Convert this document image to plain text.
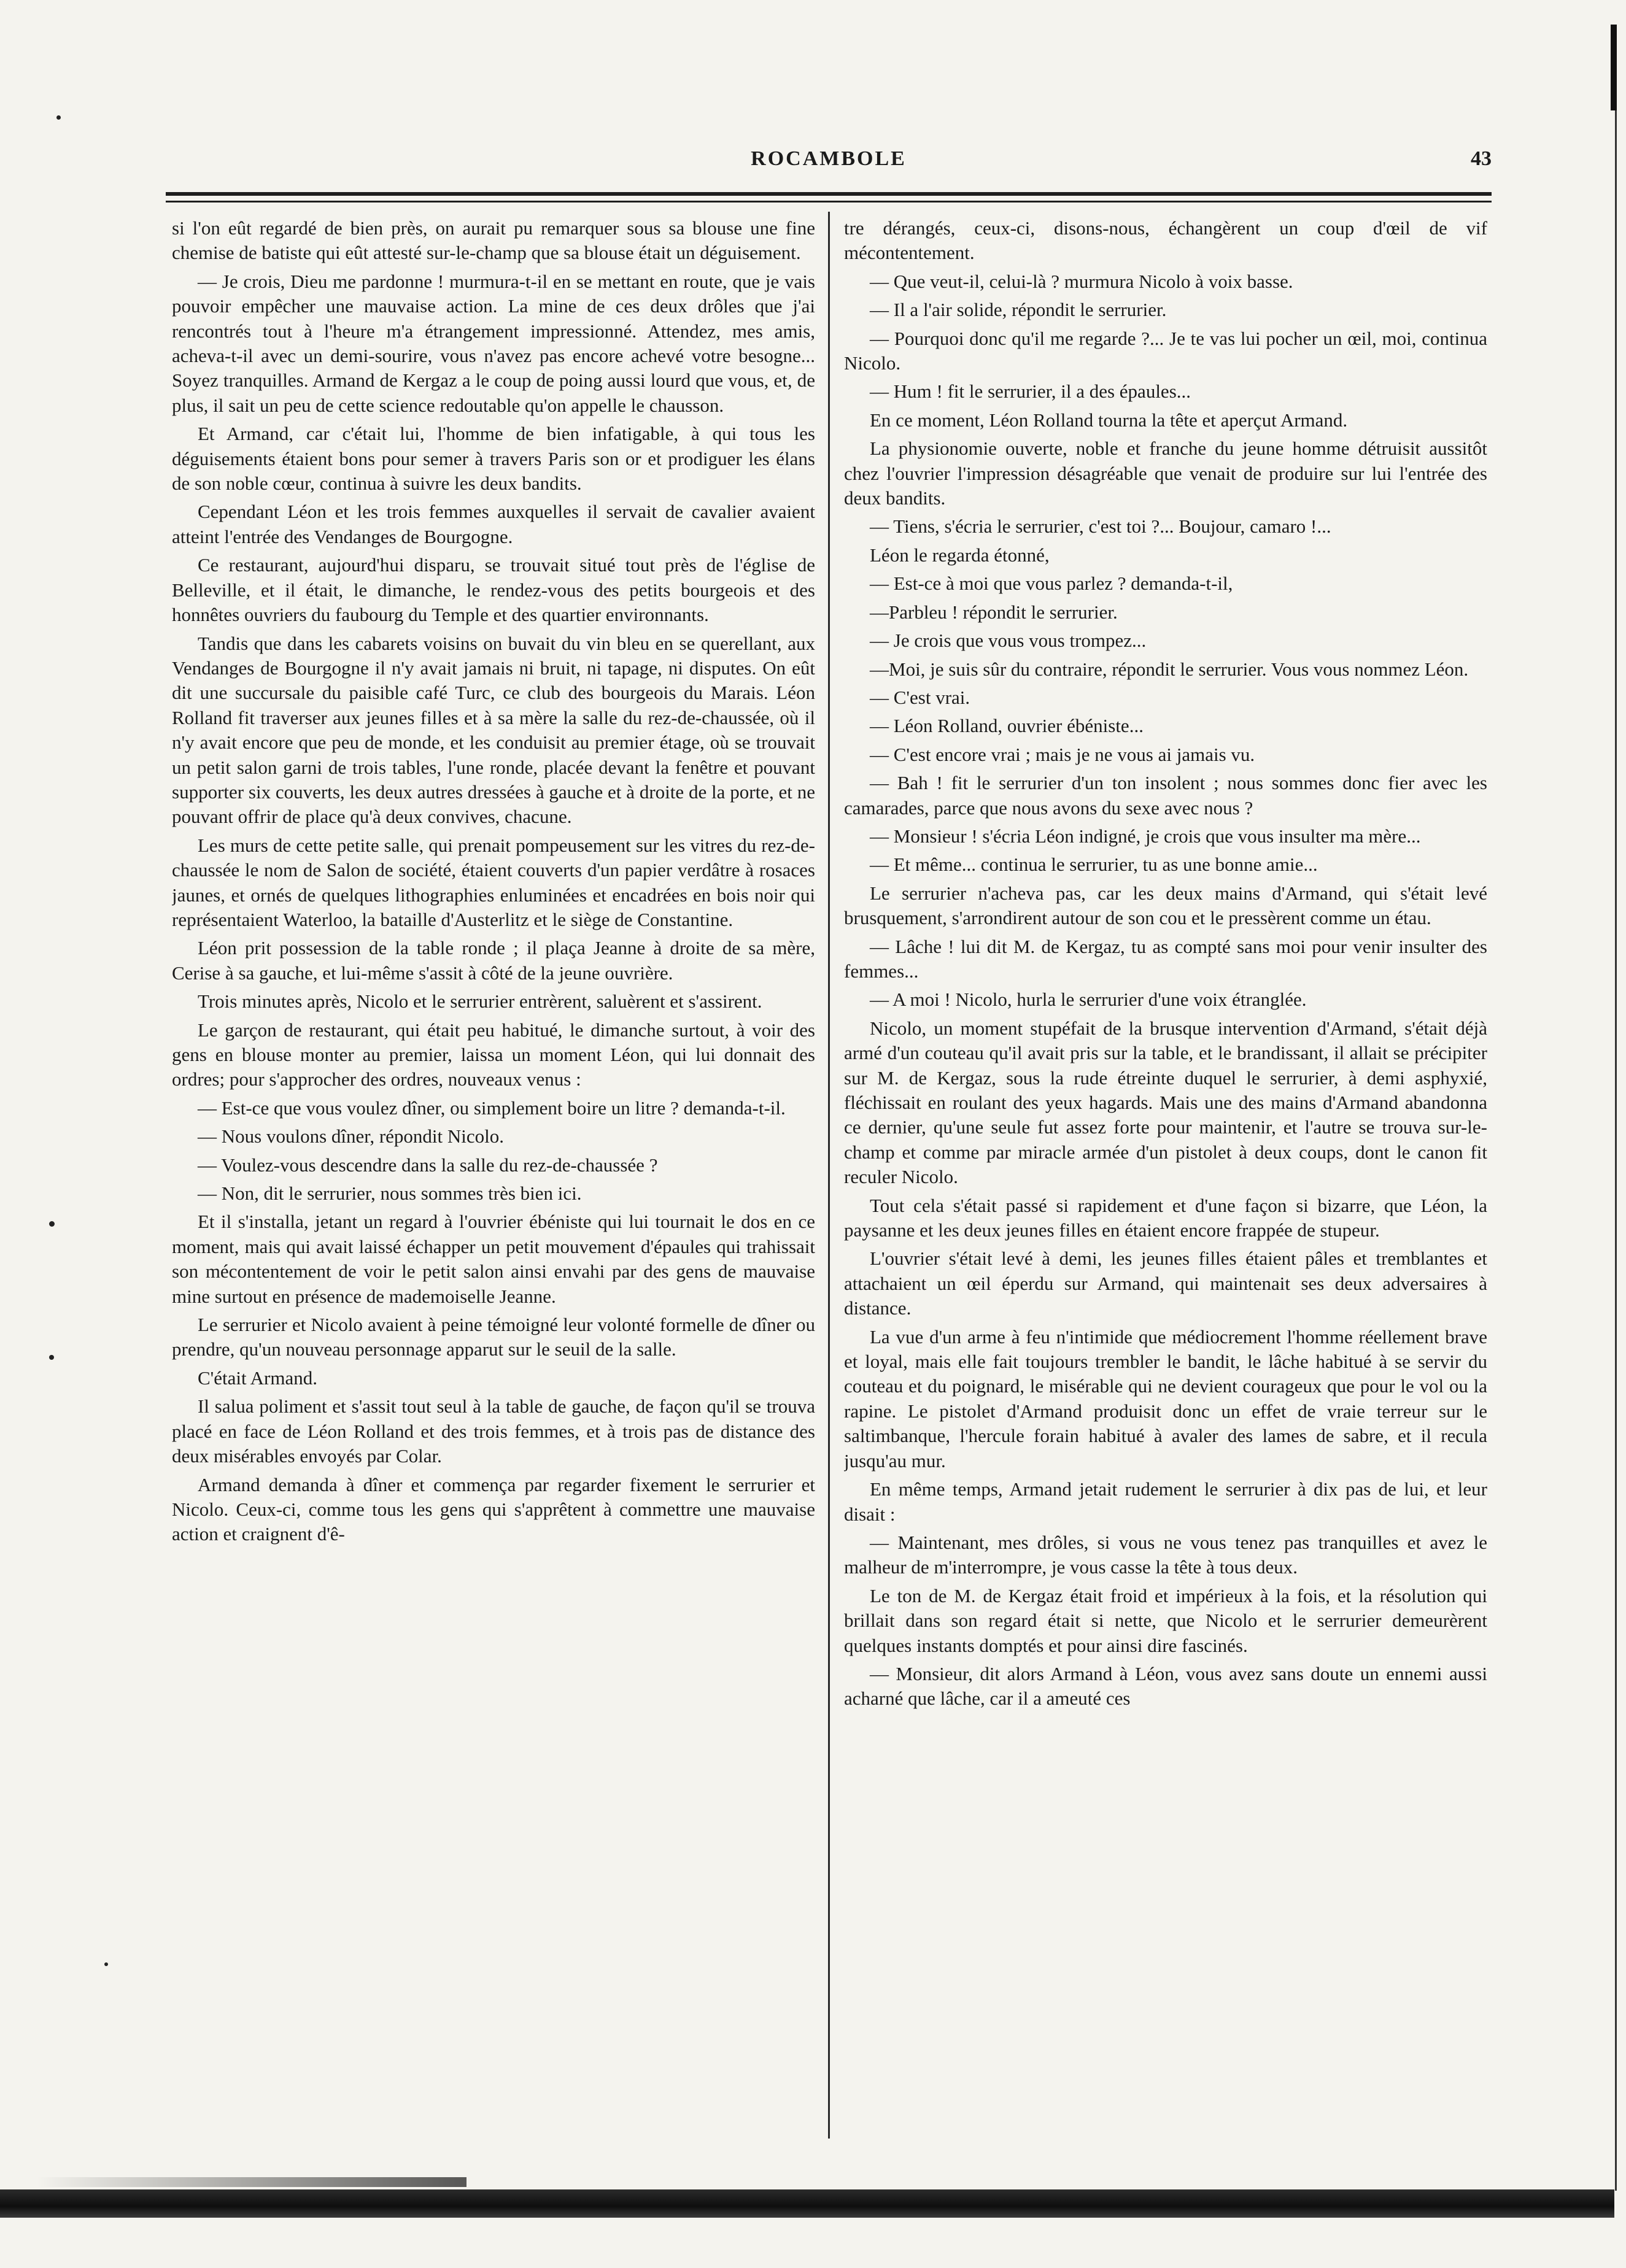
ROCAMBOLE	43

si l'on eût regardé de bien près, on aurait pu remarquer sous sa blouse une fine chemise de batiste qui eût attesté sur-le-champ que sa blouse était un déguisement.

— Je crois, Dieu me pardonne ! murmura-t-il en se mettant en route, que je vais pouvoir empêcher une mauvaise action. La mine de ces deux drôles que j'ai rencontrés tout à l'heure m'a étrangement impressionné. Attendez, mes amis, acheva-t-il avec un demi-sourire, vous n'avez pas encore achevé votre besogne... Soyez tranquilles. Armand de Kergaz a le coup de poing aussi lourd que vous, et, de plus, il sait un peu de cette science redoutable qu'on appelle le chausson.

Et Armand, car c'était lui, l'homme de bien infatigable, à qui tous les déguisements étaient bons pour semer à travers Paris son or et prodiguer les élans de son noble cœur, continua à suivre les deux bandits.

Cependant Léon et les trois femmes auxquelles il servait de cavalier avaient atteint l'entrée des Vendanges de Bourgogne.

Ce restaurant, aujourd'hui disparu, se trouvait situé tout près de l'église de Belleville, et il était, le dimanche, le rendez-vous des petits bourgeois et des honnêtes ouvriers du faubourg du Temple et des quartier environnants.

Tandis que dans les cabarets voisins on buvait du vin bleu en se querellant, aux Vendanges de Bourgogne il n'y avait jamais ni bruit, ni tapage, ni disputes. On eût dit une succursale du paisible café Turc, ce club des bourgeois du Marais. Léon Rolland fit traverser aux jeunes filles et à sa mère la salle du rez-de-chaussée, où il n'y avait encore que peu de monde, et les conduisit au premier étage, où se trouvait un petit salon garni de trois tables, l'une ronde, placée devant la fenêtre et pouvant supporter six couverts, les deux autres dressées à gauche et à droite de la porte, et ne pouvant offrir de place qu'à deux convives, chacune.

Les murs de cette petite salle, qui prenait pompeusement sur les vitres du rez-de-chaussée le nom de Salon de société, étaient couverts d'un papier verdâtre à rosaces jaunes, et ornés de quelques lithographies enluminées et encadrées en bois noir qui représentaient Waterloo, la bataille d'Austerlitz et le siège de Constantine.

Léon prit possession de la table ronde ; il plaça Jeanne à droite de sa mère, Cerise à sa gauche, et lui-même s'assit à côté de la jeune ouvrière.

Trois minutes après, Nicolo et le serrurier entrèrent, saluèrent et s'assirent.

Le garçon de restaurant, qui était peu habitué, le dimanche surtout, à voir des gens en blouse monter au premier, laissa un moment Léon, qui lui donnait des ordres; pour s'approcher des ordres, nouveaux venus :

— Est-ce que vous voulez dîner, ou simplement boire un litre ? demanda-t-il.

— Nous voulons dîner, répondit Nicolo.

— Voulez-vous descendre dans la salle du rez-de-chaussée ?

— Non, dit le serrurier, nous sommes très bien ici.

Et il s'installa, jetant un regard à l'ouvrier ébéniste qui lui tournait le dos en ce moment, mais qui avait laissé échapper un petit mouvement d'épaules qui trahissait son mécontentement de voir le petit salon ainsi envahi par des gens de mauvaise mine surtout en présence de mademoiselle Jeanne.

Le serrurier et Nicolo avaient à peine témoigné leur volonté formelle de dîner ou prendre, qu'un nouveau personnage apparut sur le seuil de la salle.

C'était Armand.

Il salua poliment et s'assit tout seul à la table de gauche, de façon qu'il se trouva placé en face de Léon Rolland et des trois femmes, et à trois pas de distance des deux misérables envoyés par Colar.

Armand demanda à dîner et commença par regarder fixement le serrurier et Nicolo. Ceux-ci, comme tous les gens qui s'apprêtent à commettre une mauvaise action et craignent d'ê-

tre dérangés, ceux-ci, disons-nous, échangèrent un coup d'œil de vif mécontentement.

— Que veut-il, celui-là ? murmura Nicolo à voix basse.

— Il a l'air solide, répondit le serrurier.

— Pourquoi donc qu'il me regarde ?... Je te vas lui pocher un œil, moi, continua Nicolo.

— Hum ! fit le serrurier, il a des épaules...

En ce moment, Léon Rolland tourna la tête et aperçut Armand.

La physionomie ouverte, noble et franche du jeune homme détruisit aussitôt chez l'ouvrier l'impression désagréable que venait de produire sur lui l'entrée des deux bandits.

— Tiens, s'écria le serrurier, c'est toi ?... Boujour, camaro !...

Léon le regarda étonné,

— Est-ce à moi que vous parlez ? demanda-t-il,

—Parbleu ! répondit le serrurier.

— Je crois que vous vous trompez...

—Moi, je suis sûr du contraire, répondit le serrurier. Vous vous nommez Léon.

— C'est vrai.

— Léon Rolland, ouvrier ébéniste...

— C'est encore vrai ; mais je ne vous ai jamais vu.

— Bah ! fit le serrurier d'un ton insolent ; nous sommes donc fier avec les camarades, parce que nous avons du sexe avec nous ?

— Monsieur ! s'écria Léon indigné, je crois que vous insulter ma mère...

— Et même... continua le serrurier, tu as une bonne amie...

Le serrurier n'acheva pas, car les deux mains d'Armand, qui s'était levé brusquement, s'arrondirent autour de son cou et le pressèrent comme un étau.

— Lâche ! lui dit M. de Kergaz, tu as compté sans moi pour venir insulter des femmes...

— A moi ! Nicolo, hurla le serrurier d'une voix étranglée.

Nicolo, un moment stupéfait de la brusque intervention d'Armand, s'était déjà armé d'un couteau qu'il avait pris sur la table, et le brandissant, il allait se précipiter sur M. de Kergaz, sous la rude étreinte duquel le serrurier, à demi asphyxié, fléchissait en roulant des yeux hagards. Mais une des mains d'Armand abandonna ce dernier, qu'une seule fut assez forte pour maintenir, et l'autre se trouva sur-le-champ et comme par miracle armée d'un pistolet à deux coups, dont le canon fit reculer Nicolo.

Tout cela s'était passé si rapidement et d'une façon si bizarre, que Léon, la paysanne et les deux jeunes filles en étaient encore frappée de stupeur.

L'ouvrier s'était levé à demi, les jeunes filles étaient pâles et tremblantes et attachaient un œil éperdu sur Armand, qui maintenait ses deux adversaires à distance.

La vue d'un arme à feu n'intimide que médiocrement l'homme réellement brave et loyal, mais elle fait toujours trembler le bandit, le lâche habitué à se servir du couteau et du poignard, le misérable qui ne devient courageux que pour le vol ou la rapine. Le pistolet d'Armand produisit donc un effet de vraie terreur sur le saltimbanque, l'hercule forain habitué à avaler des lames de sabre, et il recula jusqu'au mur.

En même temps, Armand jetait rudement le serrurier à dix pas de lui, et leur disait :

— Maintenant, mes drôles, si vous ne vous tenez pas tranquilles et avez le malheur de m'interrompre, je vous casse la tête à tous deux.

Le ton de M. de Kergaz était froid et impérieux à la fois, et la résolution qui brillait dans son regard était si nette, que Nicolo et le serrurier demeurèrent quelques instants domptés et pour ainsi dire fascinés.

— Monsieur, dit alors Armand à Léon, vous avez sans doute un ennemi aussi acharné que lâche, car il a ameuté ces
